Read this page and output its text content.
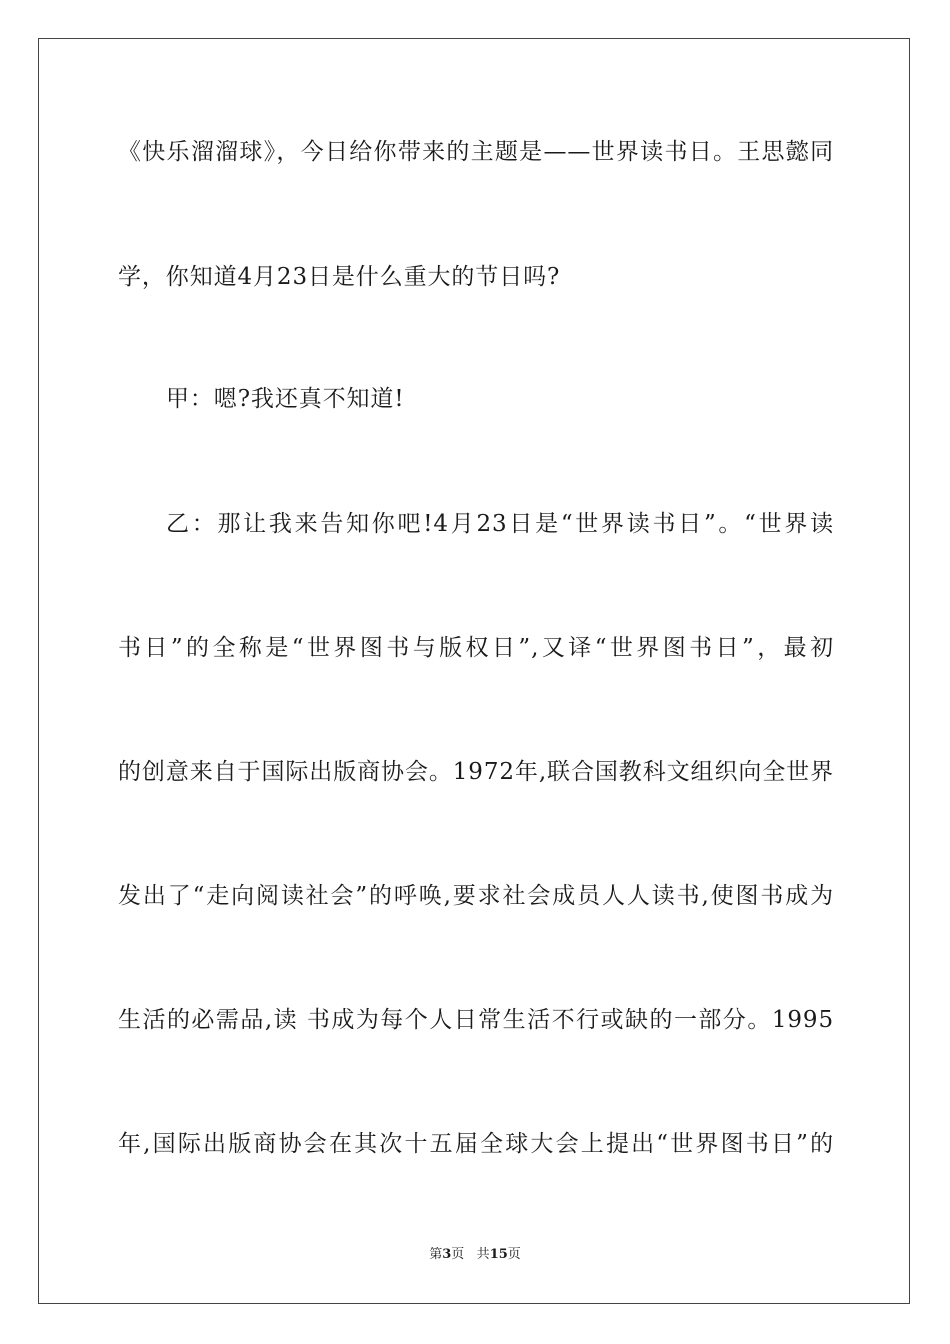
《快乐溜溜球》，今日给你带来的主题是——世界读书日。王思懿同
学，你知道4月23日是什么重大的节日吗?
甲：嗯?我还真不知道!
乙：那让我来告知你吧!4月23日是“世界读书日”。“世界读
书日”的全称是“世界图书与版权日”,又译“世界图书日”，最初
的创意来自于国际出版商协会。1972年,联合国教科文组织向全世界
发出了“走向阅读社会”的呼唤,要求社会成员人人读书,使图书成为
生活的必需品,读 书成为每个人日常生活不行或缺的一部分。1995
年,国际出版商协会在其次十五届全球大会上提出“世界图书日”的
第3页 共15页
